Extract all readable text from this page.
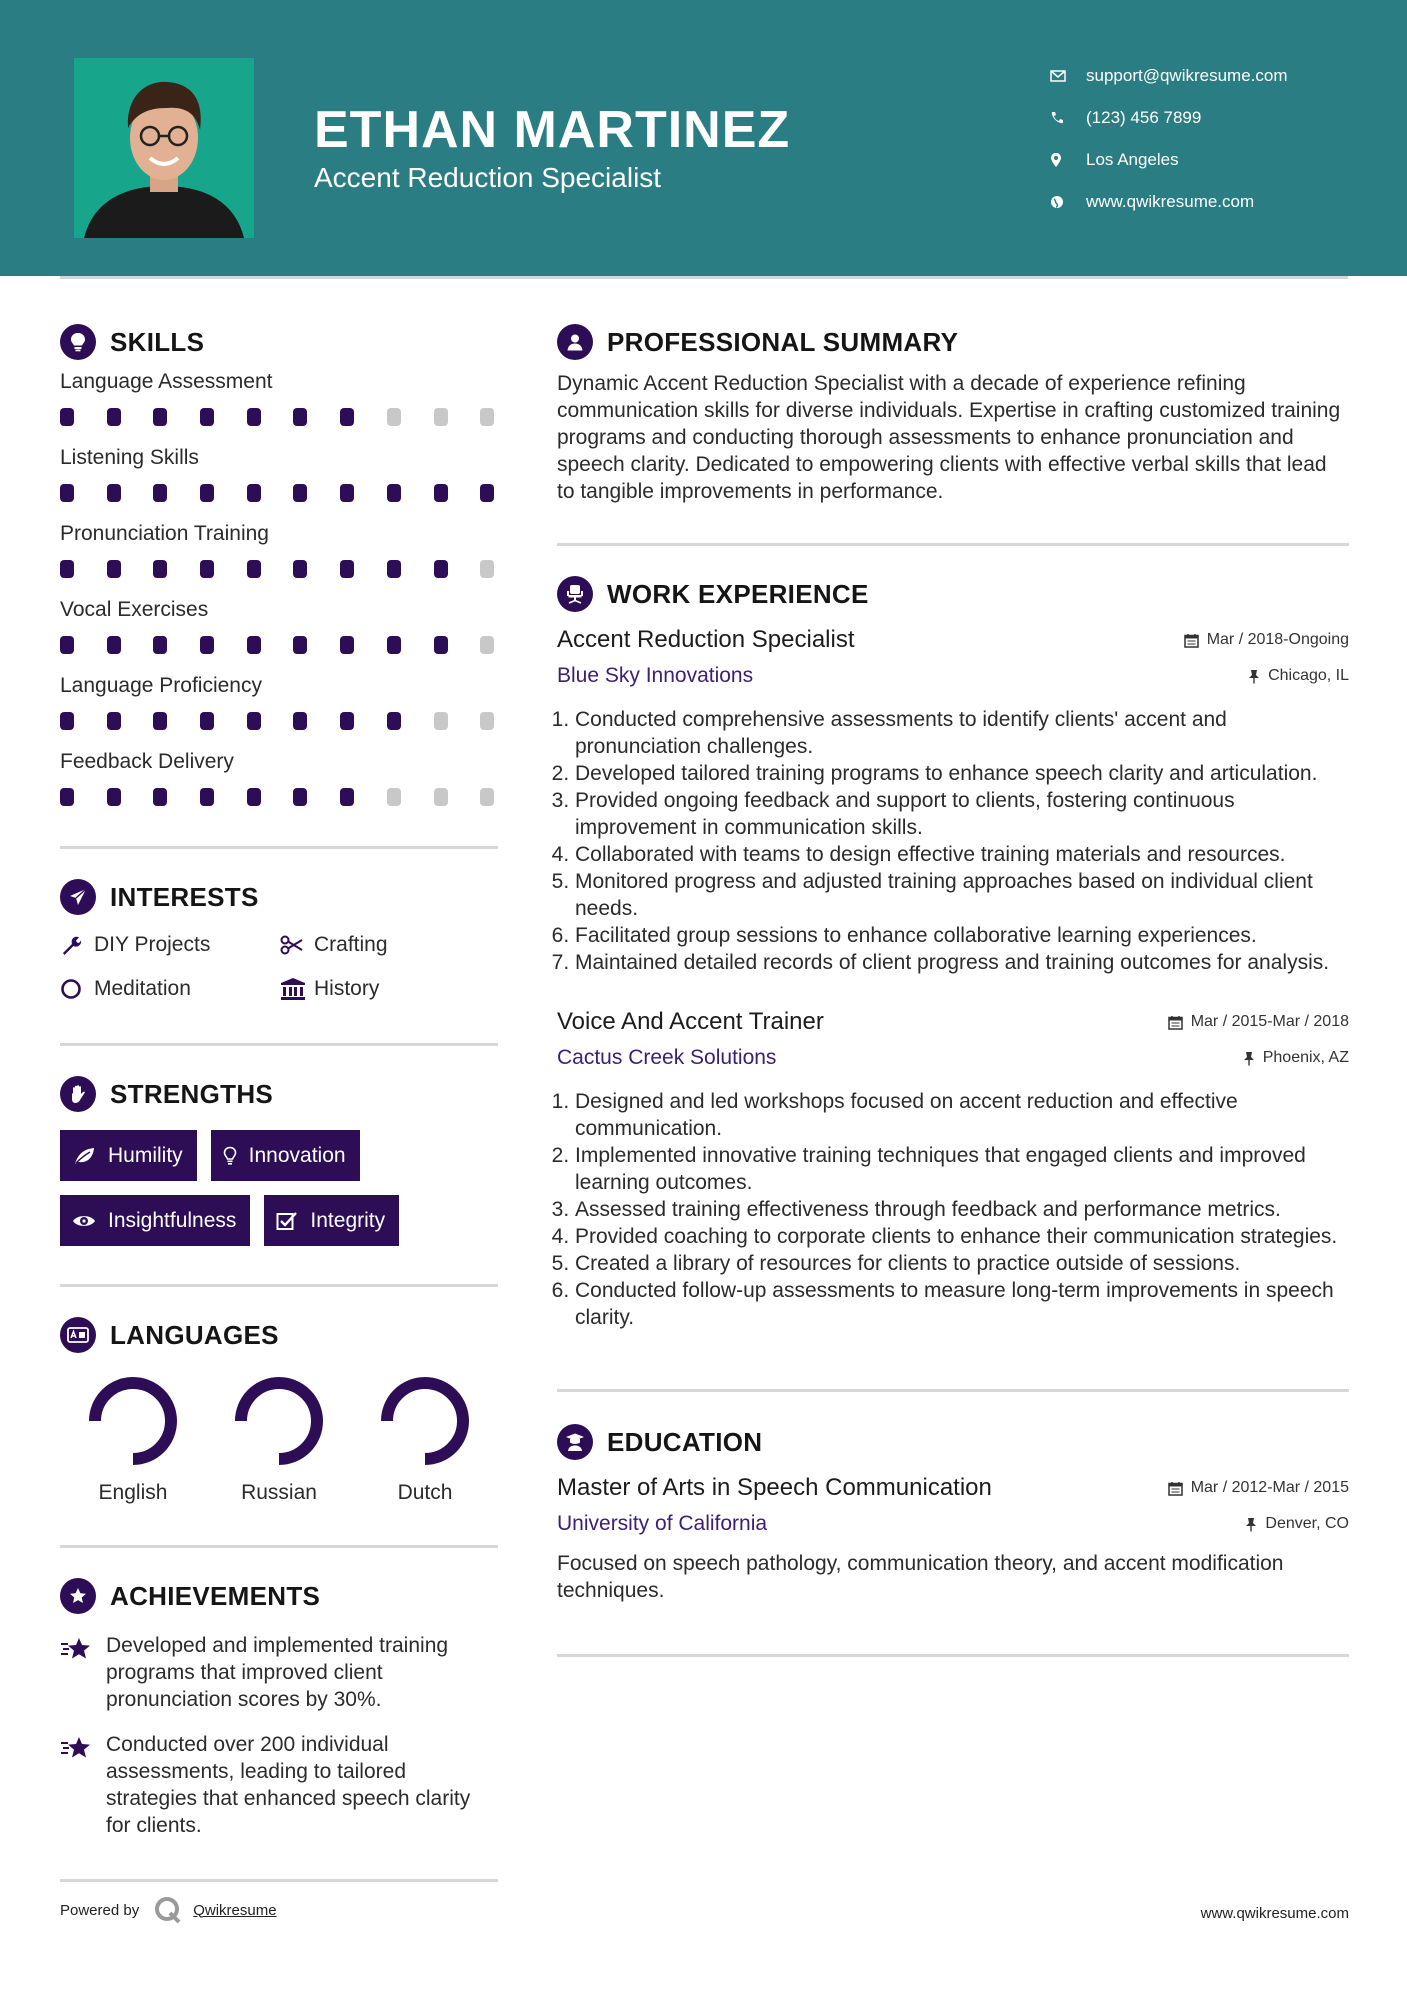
ETHAN MARTINEZ
Accent Reduction Specialist
support@qwikresume.com
(123) 456 7899
Los Angeles
www.qwikresume.com
SKILLS
Language Assessment
Listening Skills
Pronunciation Training
Vocal Exercises
Language Proficiency
Feedback Delivery
INTERESTS
DIY Projects	Crafting
Meditation	History
STRENGTHS
Humility	Innovation
Insightfulness	Integrity
LANGUAGES
English	Russian	Dutch
ACHIEVEMENTS
Developed and implemented training programs that improved client pronunciation scores by 30%.
Conducted over 200 individual assessments, leading to tailored strategies that enhanced speech clarity for clients.
PROFESSIONAL SUMMARY
Dynamic Accent Reduction Specialist with a decade of experience refining communication skills for diverse individuals. Expertise in crafting customized training programs and conducting thorough assessments to enhance pronunciation and speech clarity. Dedicated to empowering clients with effective verbal skills that lead to tangible improvements in performance.
WORK EXPERIENCE
Accent Reduction Specialist	Mar / 2018-Ongoing
Blue Sky Innovations	Chicago, IL
1. Conducted comprehensive assessments to identify clients' accent and pronunciation challenges.
2. Developed tailored training programs to enhance speech clarity and articulation.
3. Provided ongoing feedback and support to clients, fostering continuous improvement in communication skills.
4. Collaborated with teams to design effective training materials and resources.
5. Monitored progress and adjusted training approaches based on individual client needs.
6. Facilitated group sessions to enhance collaborative learning experiences.
7. Maintained detailed records of client progress and training outcomes for analysis.
Voice And Accent Trainer	Mar / 2015-Mar / 2018
Cactus Creek Solutions	Phoenix, AZ
1. Designed and led workshops focused on accent reduction and effective communication.
2. Implemented innovative training techniques that engaged clients and improved learning outcomes.
3. Assessed training effectiveness through feedback and performance metrics.
4. Provided coaching to corporate clients to enhance their communication strategies.
5. Created a library of resources for clients to practice outside of sessions.
6. Conducted follow-up assessments to measure long-term improvements in speech clarity.
EDUCATION
Master of Arts in Speech Communication	Mar / 2012-Mar / 2015
University of California	Denver, CO
Focused on speech pathology, communication theory, and accent modification techniques.
Powered by	Qwikresume	www.qwikresume.com
